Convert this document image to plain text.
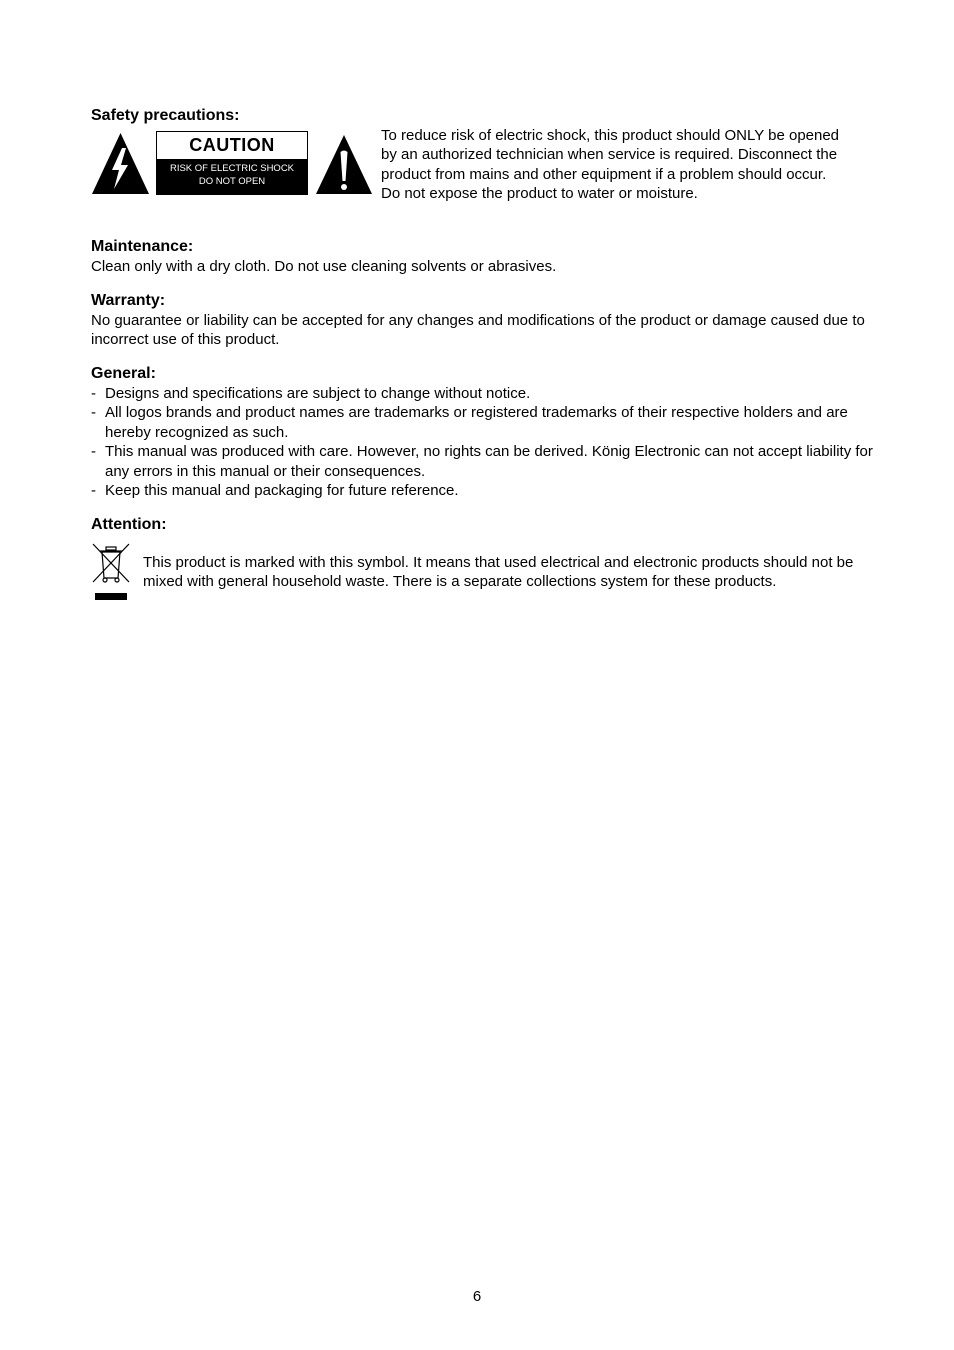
Safety precautions:
CAUTION
RISK OF ELECTRIC SHOCK
DO NOT OPEN

To reduce risk of electric shock, this product should ONLY be opened by an authorized technician when service is required. Disconnect the product from mains and other equipment if a problem should occur. Do not expose the product to water or moisture.

Maintenance:

Clean only with a dry cloth. Do not use cleaning solvents or abrasives.

Warranty:

No guarantee or liability can be accepted for any changes and modifications of the product or damage caused due to incorrect use of this product.

General:
- Designs and specifications are subject to change without notice.
- All logos brands and product names are trademarks or registered trademarks of their respective holders and are hereby recognized as such.
- This manual was produced with care. However, no rights can be derived. König Electronic can not accept liability for any errors in this manual or their consequences.
- Keep this manual and packaging for future reference.
Attention:

This product is marked with this symbol. It means that used electrical and electronic products should not be mixed with general household waste. There is a separate collections system for these products.

6
